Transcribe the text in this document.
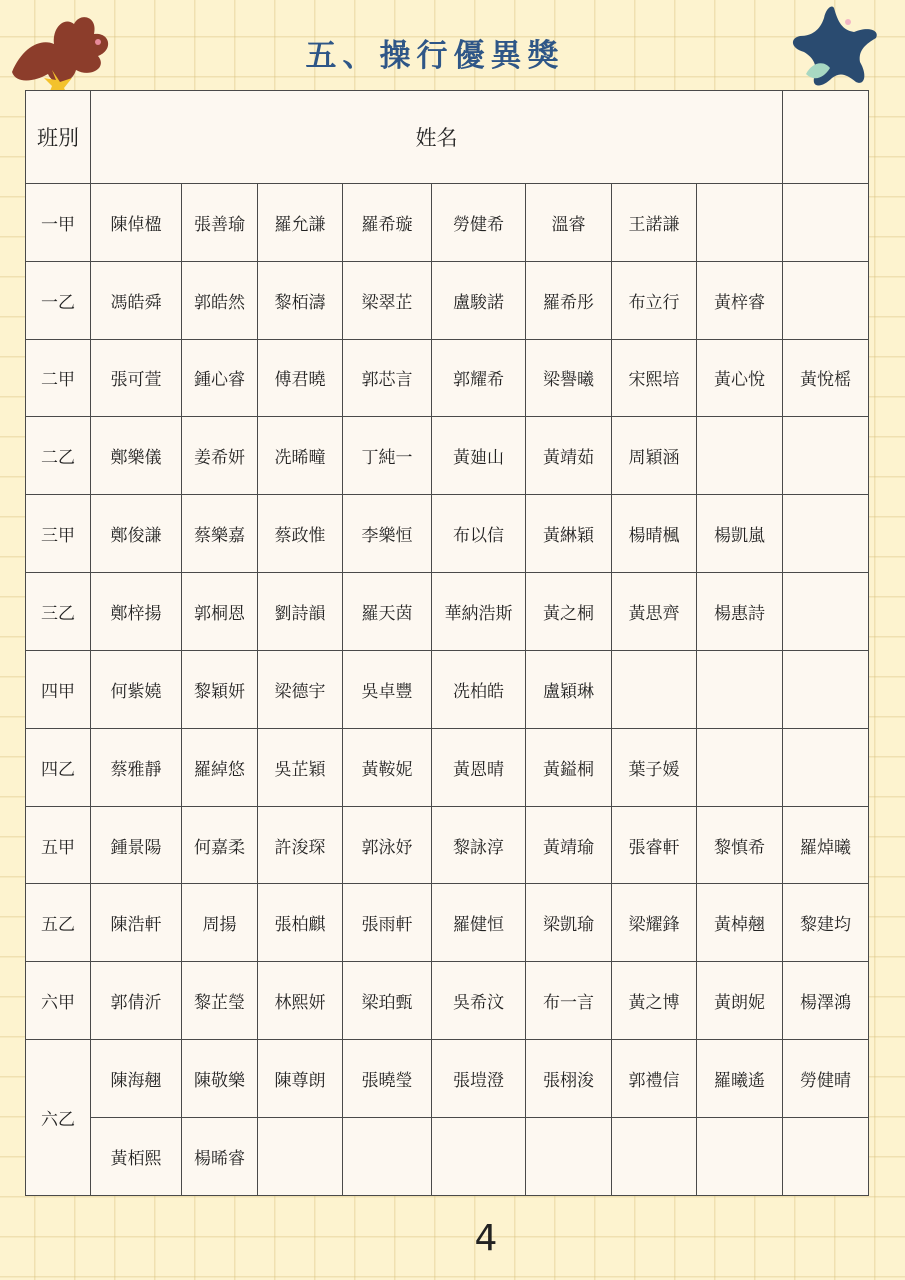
五、操行優異獎
班別	姓名								
一甲	陳倬楹	張善瑜	羅允謙	羅希璇	勞健希	溫睿	王諾謙		
一乙	馮皓舜	郭皓然	黎栢濤	梁翠芷	盧駿諾	羅希彤	布立行	黃梓睿	
二甲	張可萱	鍾心睿	傅君曉	郭芯言	郭耀希	梁譽曦	宋熙培	黃心悅	黃悅榣
二乙	鄭樂儀	姜希妍	冼晞疃	丁純一	黃廸山	黃靖茹	周穎涵		
三甲	鄭俊謙	蔡樂嘉	蔡政惟	李樂恒	布以信	黃綝穎	楊晴楓	楊凱嵐	
三乙	鄭梓揚	郭桐恩	劉詩韻	羅天茵	華納浩斯	黃之桐	黃思齊	楊惠詩	
四甲	何紫嬈	黎穎妍	梁德宇	吳卓豐	冼柏皓	盧穎琳			
四乙	蔡雅靜	羅綽悠	吳芷穎	黃鞍妮	黃恩晴	黃鎰桐	葉子媛		
五甲	鍾景陽	何嘉柔	許浚琛	郭泳妤	黎詠淳	黃靖瑜	張睿軒	黎慎希	羅焯曦
五乙	陳浩軒	周揚	張柏麒	張雨軒	羅健恒	梁凱瑜	梁耀鋒	黃棹翹	黎建均
六甲	郭倩沂	黎芷瑩	林熙妍	梁珀甄	吳希汶	布一言	黃之博	黃朗妮	楊澤鴻
六乙	陳海翹	陳敬樂	陳尊朗	張曉瑩	張塏澄	張栩浚	郭禮信	羅曦遙	勞健晴
	黃栢熙	楊晞睿							
4
